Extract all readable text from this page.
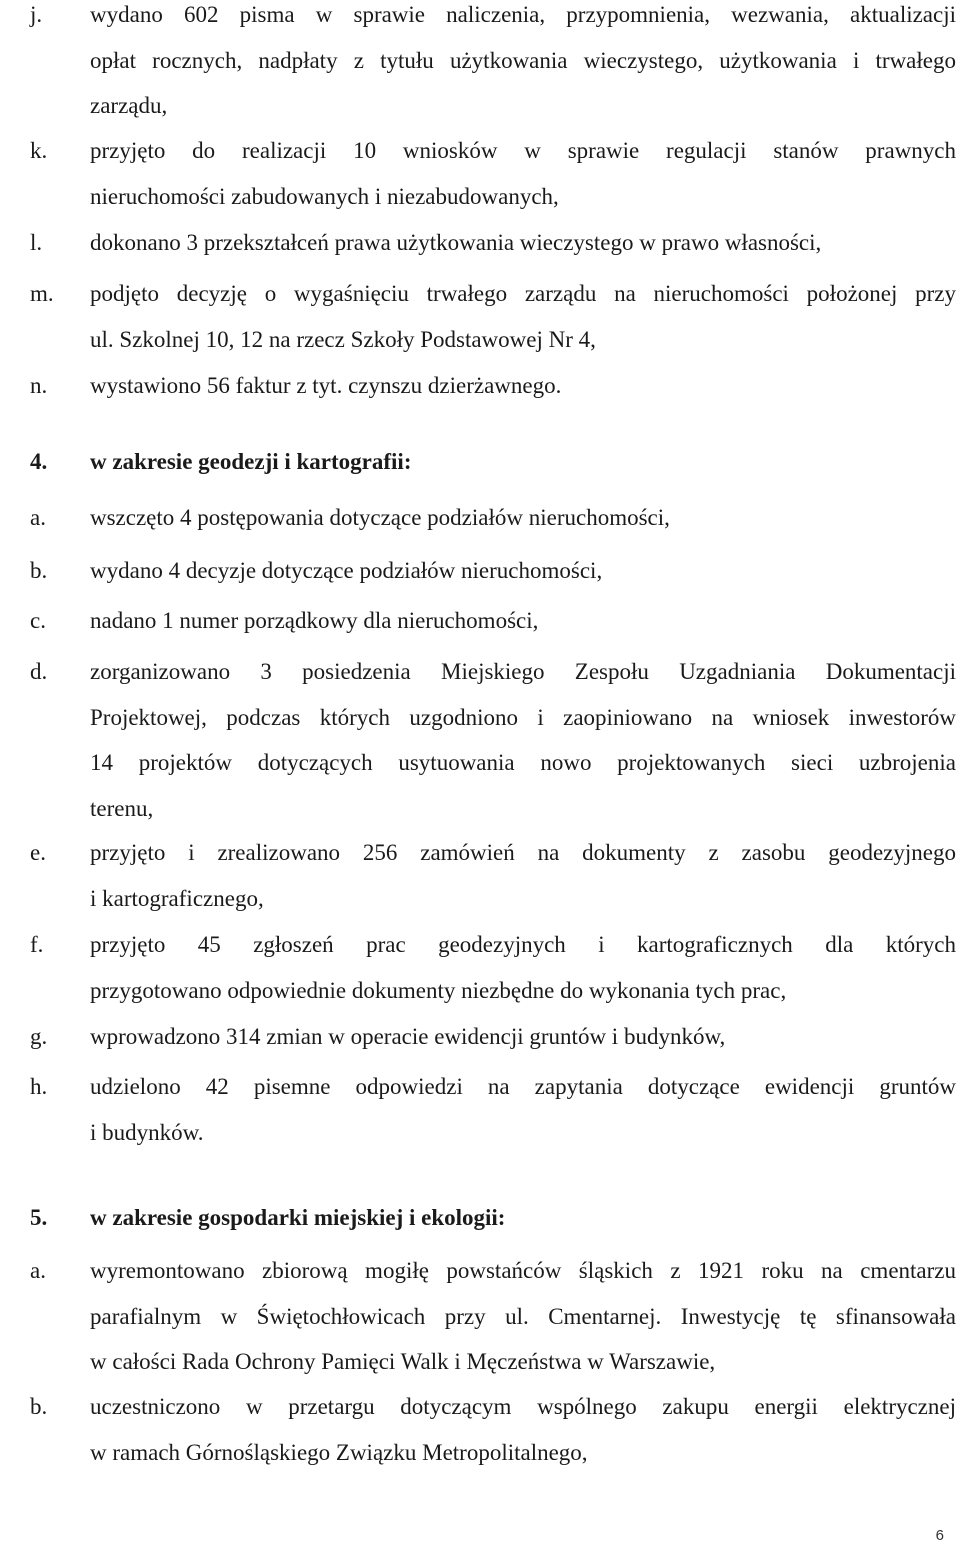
j.	wydano 602 pisma w sprawie naliczenia, przypomnienia, wezwania, aktualizacji
opłat rocznych, nadpłaty z tytułu użytkowania wieczystego, użytkowania i trwałego
zarządu,
k.	przyjęto do realizacji 10 wniosków w sprawie regulacji stanów prawnych
nieruchomości zabudowanych i niezabudowanych,
l.	dokonano 3 przekształceń prawa użytkowania wieczystego w prawo własności,
m.	podjęto decyzję o wygaśnięciu trwałego zarządu na nieruchomości położonej przy
ul. Szkolnej 10, 12 na rzecz Szkoły Podstawowej Nr 4,
n.	wystawiono 56 faktur z tyt. czynszu dzierżawnego.
4. w zakresie geodezji i kartografii:
a.	wszczęto 4 postępowania dotyczące podziałów nieruchomości,
b.	wydano 4 decyzje dotyczące podziałów nieruchomości,
c.	nadano 1 numer porządkowy dla nieruchomości,
d.	zorganizowano 3 posiedzenia Miejskiego Zespołu Uzgadniania Dokumentacji
Projektowej, podczas których uzgodniono i zaopiniowano na wniosek inwestorów
14 projektów dotyczących usytuowania nowo projektowanych sieci uzbrojenia
terenu,
e.	przyjęto i zrealizowano 256 zamówień na dokumenty z zasobu geodezyjnego
i kartograficznego,
f.	przyjęto 45 zgłoszeń prac geodezyjnych i kartograficznych dla których
przygotowano odpowiednie dokumenty niezbędne do wykonania tych prac,
g.	wprowadzono 314 zmian w operacie ewidencji gruntów i budynków,
h.	udzielono 42 pisemne odpowiedzi na zapytania dotyczące ewidencji gruntów
i budynków.
5. w zakresie gospodarki miejskiej i ekologii:
a.	wyremontowano zbiorową mogiłę powstańców śląskich z 1921 roku na cmentarzu
parafialnym w Świętochłowicach przy ul. Cmentarnej. Inwestycję tę sfinansowała
w całości Rada Ochrony Pamięci Walk i Męczeństwa w Warszawie,
b.	uczestniczono w przetargu dotyczącym wspólnego zakupu energii elektrycznej
w ramach Górnośląskiego Związku Metropolitalnego,
6
